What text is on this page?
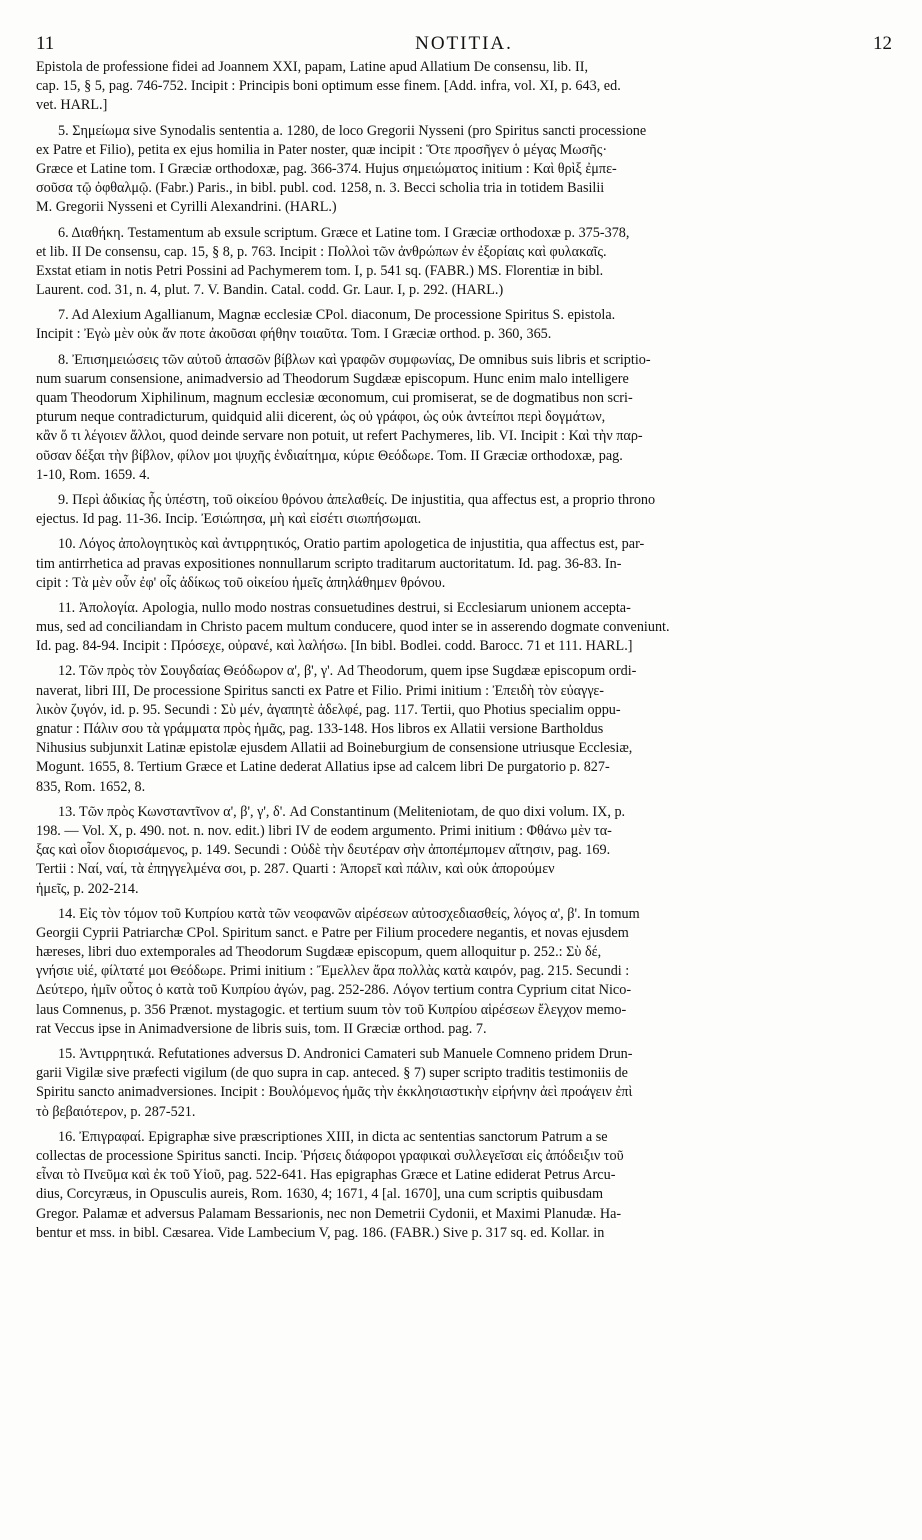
11	NOTITIA.	12
Epistola de professione fidei ad Joannem XXI, papam, Latine apud Allatium De consensu, lib. II,
cap. 15, § 5, pag. 746-752. Incipit : Principis boni optimum esse finem. [Add. infra, vol. XI, p. 643, ed.
vet. HARL.]
5. Σημείωμα sive Synodalis sententia a. 1280, de loco Gregorii Nysseni (pro Spiritus sancti processione
ex Patre et Filio), petita ex ejus homilia in Pater noster, quæ incipit : Ὅτε προσῆγεν ὁ μέγας Μωσῆς·
Græce et Latine tom. I Græciæ orthodoxæ, pag. 366-374. Hujus σημειώματος initium : Καὶ θρὶξ ἐμπε-
σοῦσα τῷ ὀφθαλμῷ. (Fabr.) Paris., in bibl. publ. cod. 1258, n. 3. Becci scholia tria in totidem Basilii
M. Gregorii Nysseni et Cyrilli Alexandrini. (HARL.)
6. Διαθήκη. Testamentum ab exsule scriptum. Græce et Latine tom. I Græciæ orthodoxæ p. 375-378,
et lib. II De consensu, cap. 15, § 8, p. 763. Incipit : Πολλοὶ τῶν ἀνθρώπων ἐν ἐξορίαις καὶ φυλακαῖς.
Exstat etiam in notis Petri Possini ad Pachymerem tom. I, p. 541 sq. (FABR.) MS. Florentiæ in bibl.
Laurent. cod. 31, n. 4, plut. 7. V. Bandin. Catal. codd. Gr. Laur. I, p. 292. (HARL.)
7. Ad Alexium Agallianum, Magnæ ecclesiæ CPol. diaconum, De processione Spiritus S. epistola.
Incipit : Ἐγὼ μὲν οὐκ ἄν ποτε ἀκοῦσαι φήθην τοιαῦτα. Tom. I Græciæ orthod. p. 360, 365.
8. Ἐπισημειώσεις τῶν αὐτοῦ ἁπασῶν βίβλων καὶ γραφῶν συμφωνίας, De omnibus suis libris et scriptio-
num suarum consensione, animadversio ad Theodorum Sugdææ episcopum. Hunc enim malo intelligere
quam Theodorum Xiphilinum, magnum ecclesiæ œconomum, cui promiserat, se de dogmatibus non scri-
pturum neque contradicturum, quidquid alii dicerent, ὡς οὐ γράφοι, ὡς οὐκ ἀντείποι περὶ δογμάτων,
κἂν ὅ τι λέγοιεν ἄλλοι, quod deinde servare non potuit, ut refert Pachymeres, lib. VI. Incipit : Καὶ τὴν παρ-
οῦσαν δέξαι τὴν βίβλον, φίλον μοι ψυχῆς ἐνδιαίτημα, κύριε Θεόδωρε. Tom. II Græciæ orthodoxæ, pag.
1-10, Rom. 1659. 4.
9. Περὶ ἀδικίας ἧς ὑπέστη, τοῦ οἰκείου θρόνου ἀπελαθείς. De injustitia, qua affectus est, a proprio throno
ejectus. Id pag. 11-36. Incip. Ἐσιώπησα, μὴ καὶ εἰσέτι σιωπήσωμαι.
10. Λόγος ἀπολογητικὸς καὶ ἀντιρρητικός, Oratio partim apologetica de injustitia, qua affectus est, par-
tim antirrhetica ad pravas expositiones nonnullarum scripto traditarum auctoritatum. Id. pag. 36-83. In-
cipit : Τὰ μὲν οὖν ἐφ' οἷς ἀδίκως τοῦ οἰκείου ἡμεῖς ἀπηλάθημεν θρόνου.
11. Ἀπολογία. Apologia, nullo modo nostras consuetudines destrui, si Ecclesiarum unionem accepta-
mus, sed ad conciliandam in Christo pacem multum conducere, quod inter se in asserendo dogmate conveniunt.
Id. pag. 84-94. Incipit : Πρόσεχε, οὐρανέ, καὶ λαλήσω. [In bibl. Bodlei. codd. Barocc. 71 et 111. HARL.]
12. Τῶν πρὸς τὸν Σουγδαίας Θεόδωρον α', β', γ'. Ad Theodorum, quem ipse Sugdææ episcopum ordi-
naverat, libri III, De processione Spiritus sancti ex Patre et Filio. Primi initium : Ἐπειδὴ τὸν εὐαγγε-
λικὸν ζυγόν, id. p. 95. Secundi : Σὺ μέν, ἀγαπητὲ ἀδελφέ, pag. 117. Tertii, quo Photius specialim oppu-
gnatur : Πάλιν σου τὰ γράμματα πρὸς ἡμᾶς, pag. 133-148. Hos libros ex Allatii versione Bartholdus
Nihusius subjunxit Latinæ epistolæ ejusdem Allatii ad Boineburgium de consensione utriusque Ecclesiæ,
Mogunt. 1655, 8. Tertium Græce et Latine dederat Allatius ipse ad calcem libri De purgatorio p. 827-
835, Rom. 1652, 8.
13. Τῶν πρὸς Κωνσταντῖνον α', β', γ', δ'. Ad Constantinum (Meliteniotam, de quo dixi volum. IX, p.
198. — Vol. X, p. 490. not. n. nov. edit.) libri IV de eodem argumento. Primi initium : Φθάνω μὲν τα-
ξας καὶ οἷον διορισάμενος, p. 149. Secundi : Οὐδὲ τὴν δευτέραν σὴν ἀποπέμπομεν αἴτησιν, pag. 169.
Tertii : Ναί, ναί, τὰ ἐπηγγελμένα σοι, p. 287. Quarti : Ἀπορεῖ καὶ πάλιν, καὶ οὐκ ἀπορούμεν
ἡμεῖς, p. 202-214.
14. Εἰς τὸν τόμον τοῦ Κυπρίου κατὰ τῶν νεοφανῶν αἱρέσεων αὐτοσχεδιασθείς, λόγος α', β'. In tomum
Georgii Cyprii Patriarchæ CPol. Spiritum sanct. e Patre per Filium procedere negantis, et novas ejusdem
hæreses, libri duo extemporales ad Theodorum Sugdææ episcopum, quem alloquitur p. 252.: Σὺ δέ,
γνήσιε υἱέ, φίλτατέ μοι Θεόδωρε. Primi initium : Ἔμελλεν ἄρα πολλὰς κατὰ καιρόν, pag. 215. Secundi :
Δεύτερο, ἡμῖν οὗτος ὁ κατὰ τοῦ Κυπρίου ἀγών, pag. 252-286. Λόγον tertium contra Cyprium citat Nico-
laus Comnenus, p. 356 Prænot. mystagogic. et tertium suum τὸν τοῦ Κυπρίου αἱρέσεων ἔλεγχον memo-
rat Veccus ipse in Animadversione de libris suis, tom. II Græciæ orthod. pag. 7.
15. Ἀντιρρητικά. Refutationes adversus D. Andronici Camateri sub Manuele Comneno pridem Drun-
garii Vigilæ sive præfecti vigilum (de quo supra in cap. anteced. § 7) super scripto traditis testimoniis de
Spiritu sancto animadversiones. Incipit : Βουλόμενος ἡμᾶς τὴν ἐκκλησιαστικὴν εἰρήνην ἀεὶ προάγειν ἐπὶ
τὸ βεβαιότερον, p. 287-521.
16. Ἐπιγραφαί. Epigraphæ sive præscriptiones XIII, in dicta ac sententias sanctorum Patrum a se
collectas de processione Spiritus sancti. Incip. Ῥήσεις διάφοροι γραφικαὶ συλλεγεῖσαι εἰς ἀπόδειξιν τοῦ
εἶναι τὸ Πνεῦμα καὶ ἐκ τοῦ Υἱοῦ, pag. 522-641. Has epigraphas Græce et Latine ediderat Petrus Arcu-
dius, Corcyræus, in Opusculis aureis, Rom. 1630, 4; 1671, 4 [al. 1670], una cum scriptis quibusdam
Gregor. Palamæ et adversus Palamam Bessarionis, nec non Demetrii Cydonii, et Maximi Planudæ. Ha-
bentur et mss. in bibl. Cæsarea. Vide Lambecium V, pag. 186. (FABR.) Sive p. 317 sq. ed. Kollar. in
